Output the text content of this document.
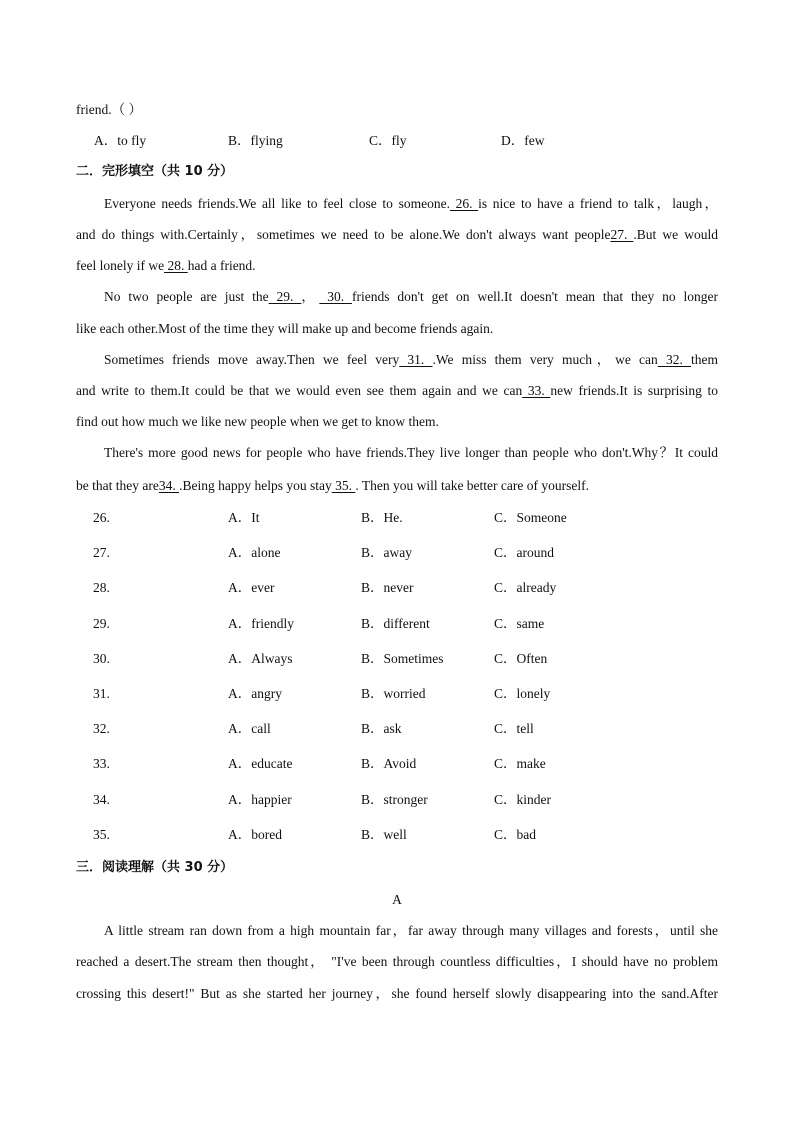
friend.（ ）
A．to fly	B．flying	C．fly	D．few
二．完形填空（共 10 分）
Everyone needs friends.We all like to feel close to someone. 26. is nice to have a friend to talk，laugh，
and do things with.Certainly，sometimes we need to be alone.We don't always want people27. .But we would
feel lonely if we 28. had a friend.
No two people are just the 29. ， 30. friends don't get on well.It doesn't mean that they no longer
like each other.Most of the time they will make up and become friends again.
Sometimes friends move away.Then we feel very 31. .We miss them very much，we can 32. them
and write to them.It could be that we would even see them again and we can 33. new friends.It is surprising to
find out how much we like new people when we get to know them.
There's more good news for people who have friends.They live longer than people who don't.Why？It could
be that they are34. .Being happy helps you stay 35. . Then you will take better care of yourself.
26.	A．It	B．He.	C．Someone
27.	A．alone	B．away	C．around
28.	A．ever	B．never	C．already
29.	A．friendly	B．different	C．same
30.	A．Always	B．Sometimes	C．Often
31.	A．angry	B．worried	C．lonely
32.	A．call	B．ask	C．tell
33.	A．educate	B．Avoid	C．make
34.	A．happier	B．stronger	C．kinder
35.	A．bored	B．well	C．bad
三．阅读理解（共 30 分）
A
A little stream ran down from a high mountain far，far away through many villages and forests，until she
reached a desert.The stream then thought， "I've been through countless difficulties，I should have no problem
crossing this desert!" But as she started her journey，she found herself slowly disappearing into the sand.After
